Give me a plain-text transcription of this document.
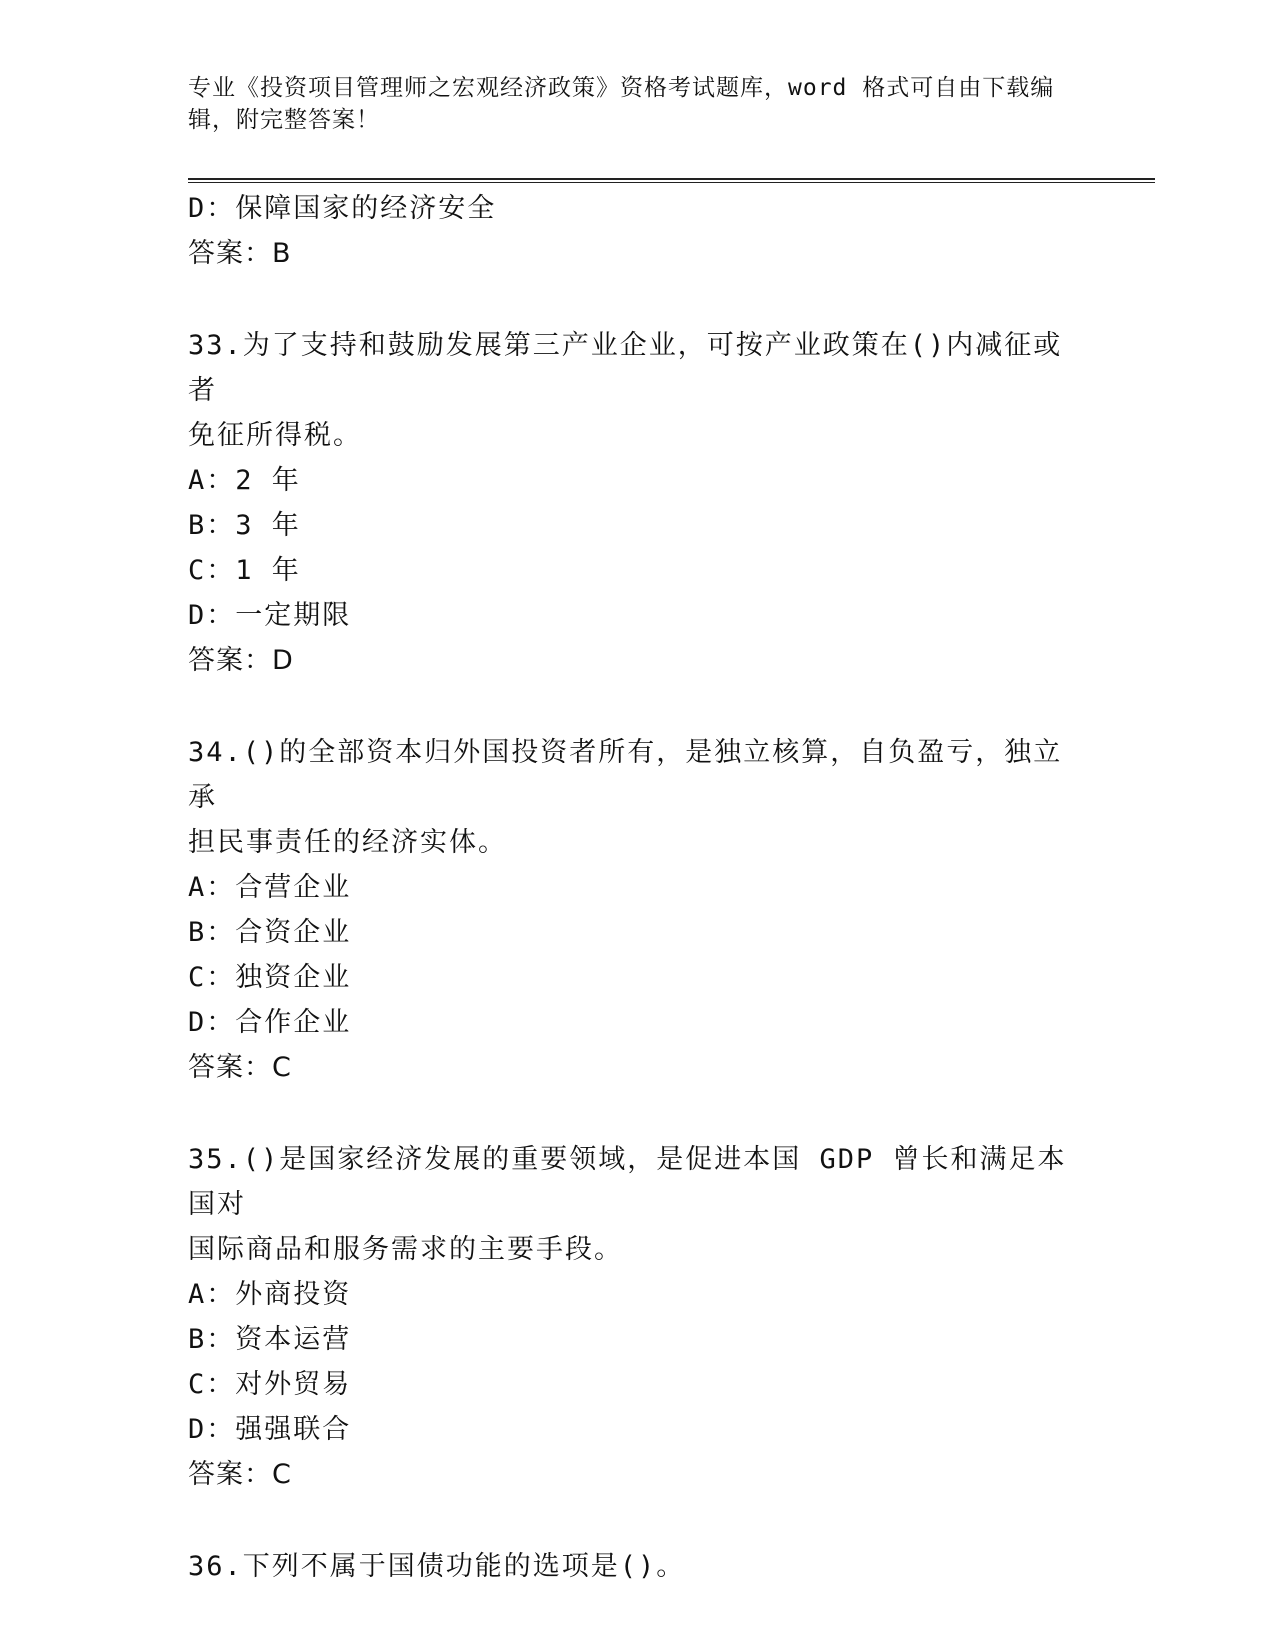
专业《投资项目管理师之宏观经济政策》资格考试题库，word 格式可自由下载编
辑，附完整答案！
D：保障国家的经济安全
答案：B
33.为了支持和鼓励发展第三产业企业，可按产业政策在()内减征或者
免征所得税。
A：2 年
B：3 年
C：1 年
D：一定期限
答案：D
34.()的全部资本归外国投资者所有，是独立核算，自负盈亏，独立承
担民事责任的经济实体。
A：合营企业
B：合资企业
C：独资企业
D：合作企业
答案：C
35.()是国家经济发展的重要领域，是促进本国 GDP 曾长和满足本国对
国际商品和服务需求的主要手段。
A：外商投资
B：资本运营
C：对外贸易
D：强强联合
答案：C
36.下列不属于国债功能的选项是()。
